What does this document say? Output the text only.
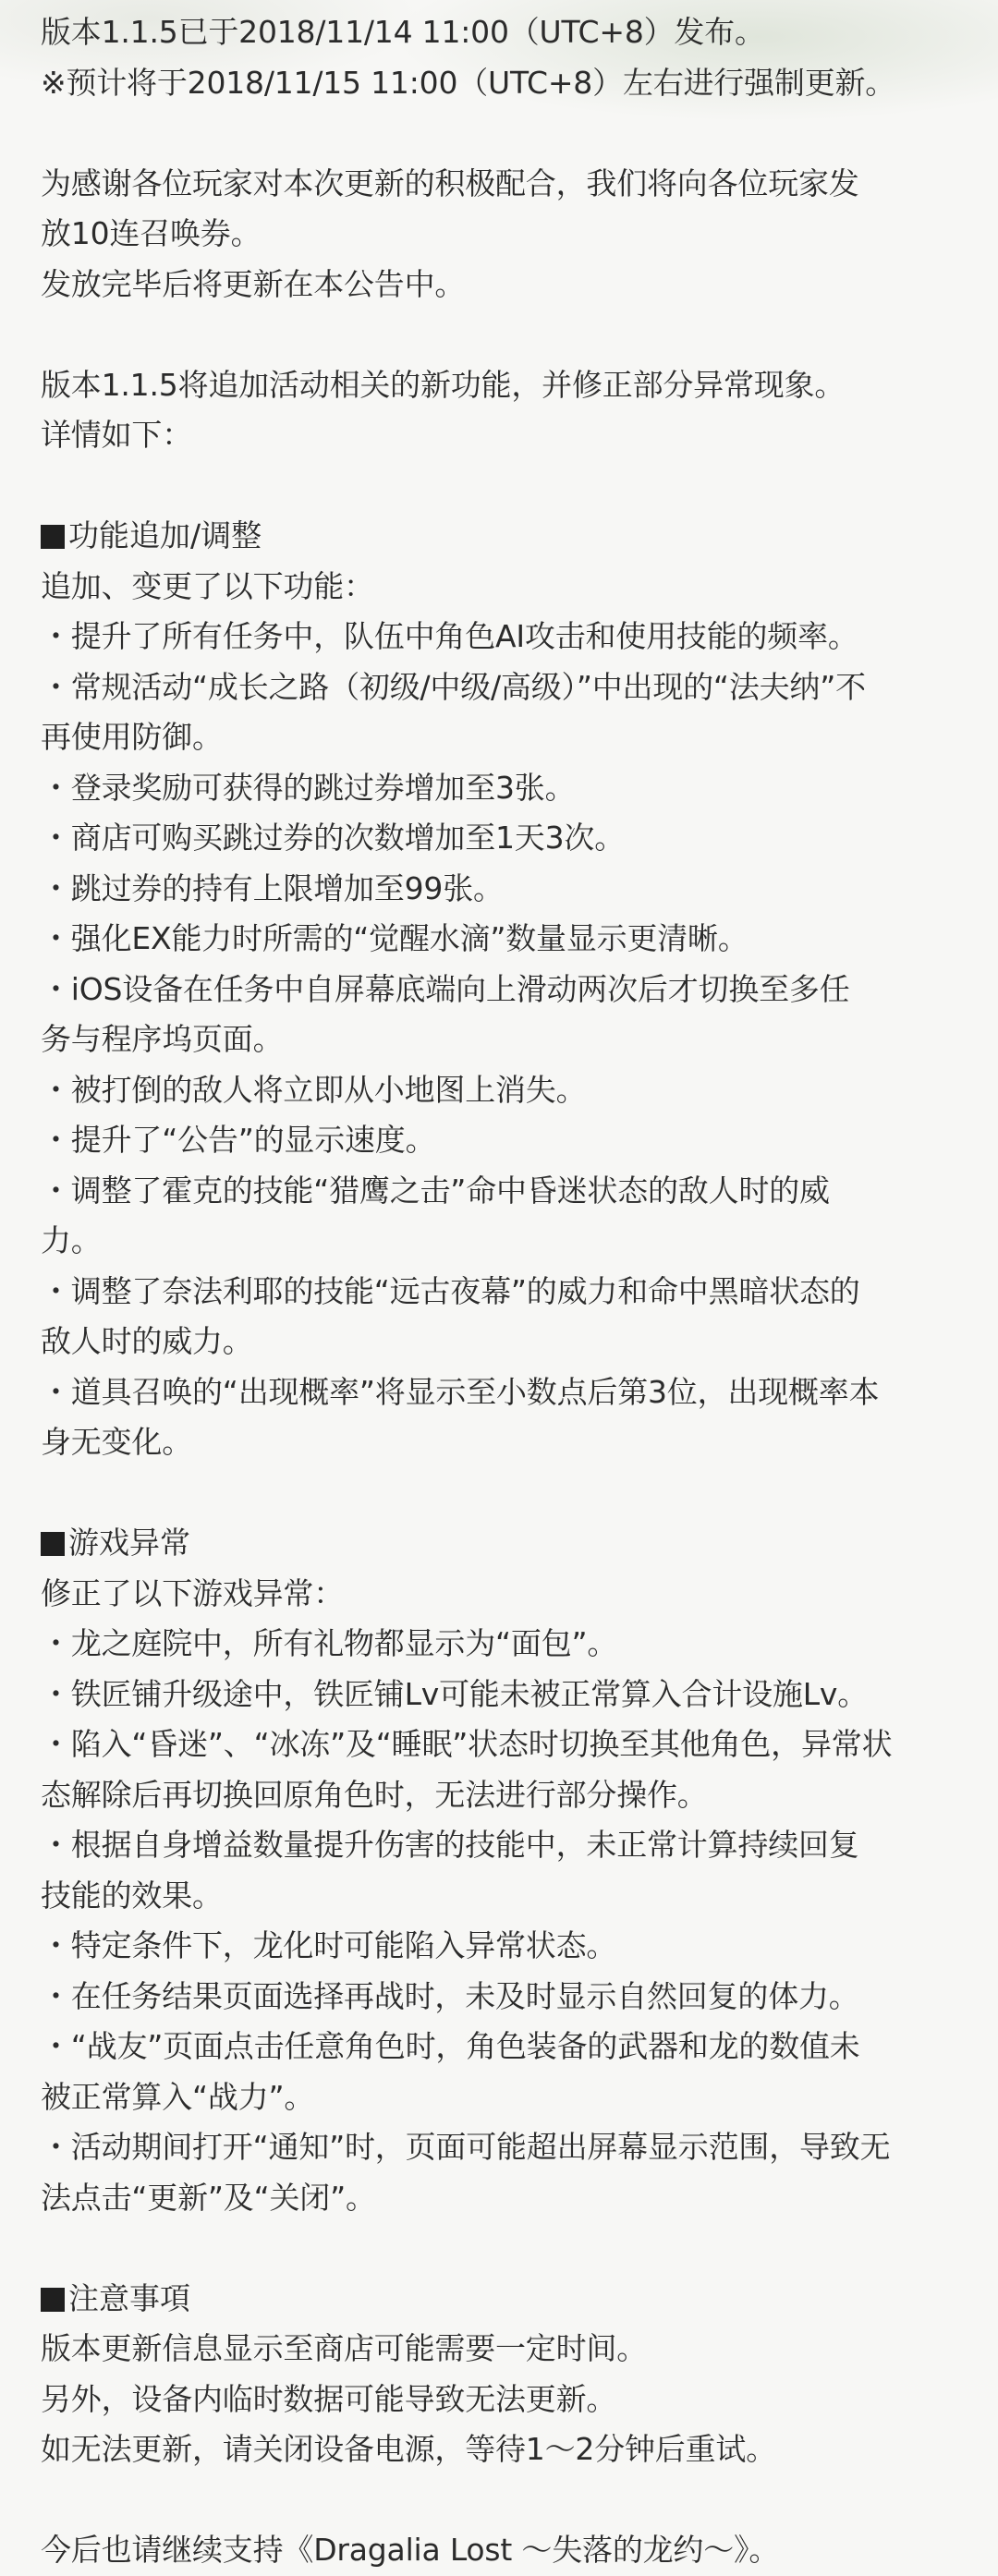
版本1.1.5已于2018/11/14 11:00（UTC+8）发布。
※预计将于2018/11/15 11:00（UTC+8）左右进行强制更新。
为感谢各位玩家对本次更新的积极配合，我们将向各位玩家发
放10连召唤券。
发放完毕后将更新在本公告中。
版本1.1.5将追加活动相关的新功能，并修正部分异常现象。
详情如下：
功能追加/调整
追加、变更了以下功能：
・提升了所有任务中，队伍中角色AI攻击和使用技能的频率。
・常规活动“成长之路（初级/中级/高级）”中出现的“法夫纳”不
再使用防御。
・登录奖励可获得的跳过券增加至3张。
・商店可购买跳过券的次数增加至1天3次。
・跳过券的持有上限增加至99张。
・强化EX能力时所需的“觉醒水滴”数量显示更清晰。
・iOS设备在任务中自屏幕底端向上滑动两次后才切换至多任
务与程序坞页面。
・被打倒的敌人将立即从小地图上消失。
・提升了“公告”的显示速度。
・调整了霍克的技能“猎鹰之击”命中昏迷状态的敌人时的威
力。
・调整了奈法利耶的技能“远古夜幕”的威力和命中黑暗状态的
敌人时的威力。
・道具召唤的“出现概率”将显示至小数点后第3位，出现概率本
身无变化。
游戏异常
修正了以下游戏异常：
・龙之庭院中，所有礼物都显示为“面包”。
・铁匠铺升级途中，铁匠铺Lv可能未被正常算入合计设施Lv。
・陷入“昏迷”、“冰冻”及“睡眠”状态时切换至其他角色，异常状
态解除后再切换回原角色时，无法进行部分操作。
・根据自身增益数量提升伤害的技能中，未正常计算持续回复
技能的效果。
・特定条件下，龙化时可能陷入异常状态。
・在任务结果页面选择再战时，未及时显示自然回复的体力。
・“战友”页面点击任意角色时，角色装备的武器和龙的数值未
被正常算入“战力”。
・活动期间打开“通知”时，页面可能超出屏幕显示范围，导致无
法点击“更新”及“关闭”。
注意事項
版本更新信息显示至商店可能需要一定时间。
另外，设备内临时数据可能导致无法更新。
如无法更新，请关闭设备电源，等待1～2分钟后重试。
今后也请继续支持《Dragalia Lost ～失落的龙约～》。
